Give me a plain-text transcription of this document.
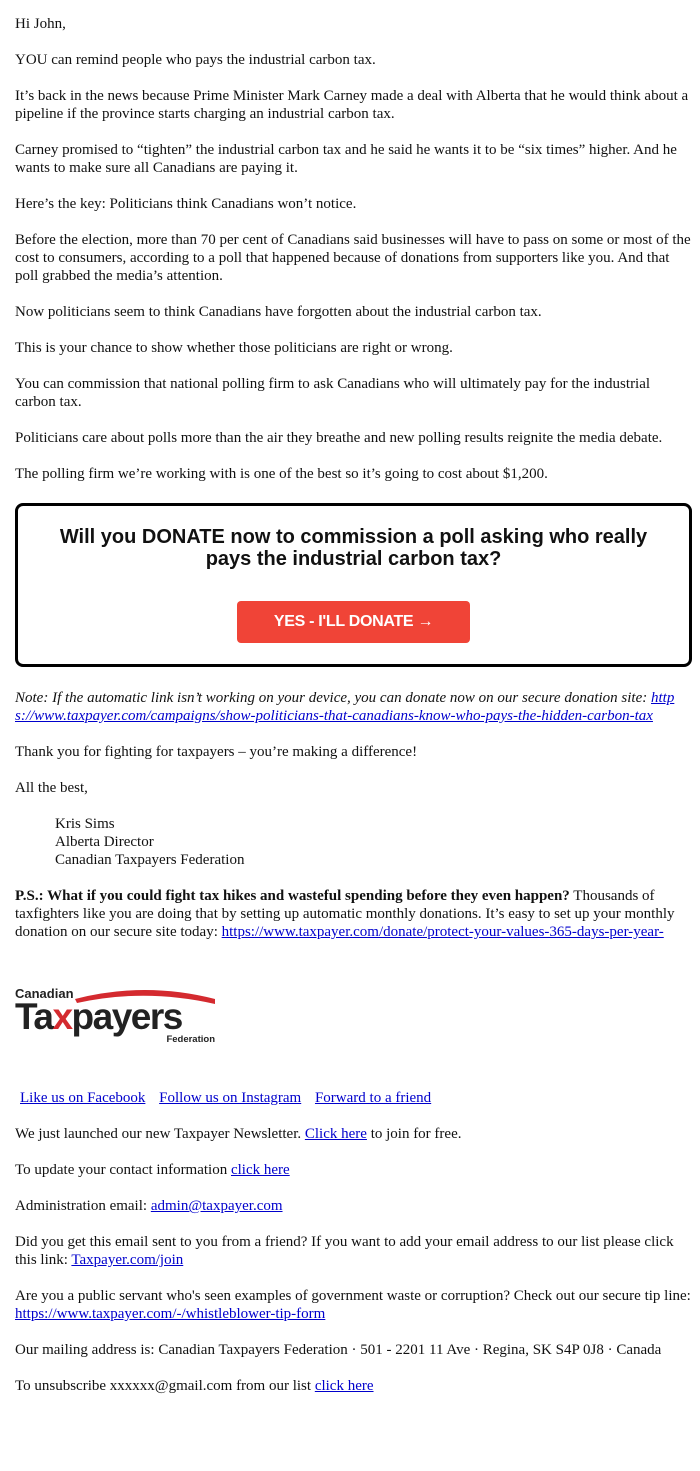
Hi John,

YOU can remind people who pays the industrial carbon tax.

It’s back in the news because Prime Minister Mark Carney made a deal with Alberta that he would think about a pipeline if the province starts charging an industrial carbon tax.

Carney promised to “tighten” the industrial carbon tax and he said he wants it to be “six times” higher. And he wants to make sure all Canadians are paying it.

Here’s the key: Politicians think Canadians won’t notice.

Before the election, more than 70 per cent of Canadians said businesses will have to pass on some or most of the cost to consumers, according to a poll that happened because of donations from supporters like you. And that poll grabbed the media’s attention.

Now politicians seem to think Canadians have forgotten about the industrial carbon tax.

This is your chance to show whether those politicians are right or wrong.

You can commission that national polling firm to ask Canadians who will ultimately pay for the industrial carbon tax.

Politicians care about polls more than the air they breathe and new polling results reignite the media debate.

The polling firm we’re working with is one of the best so it’s going to cost about $1,200.

Will you DONATE now to commission a poll asking who really pays the industrial carbon tax?
YES - I'LL DONATE →

Note: If the automatic link isn’t working on your device, you can donate now on our secure donation site: https://www.taxpayer.com/campaigns/show-politicians-that-canadians-know-who-pays-the-hidden-carbon-tax

Thank you for fighting for taxpayers – you’re making a difference!

All the best,

Kris Sims
Alberta Director
Canadian Taxpayers Federation

P.S.: What if you could fight tax hikes and wasteful spending before they even happen? Thousands of taxfighters like you are doing that by setting up automatic monthly donations. It’s easy to set up your monthly donation on our secure site today: https://www.taxpayer.com/donate/protect-your-values-365-days-per-year-

Canadian
Taxpayers
Federation

Like us on Facebook Follow us on Instagram Forward to a friend

We just launched our new Taxpayer Newsletter. Click here to join for free.

To update your contact information click here

Administration email: admin@taxpayer.com

Did you get this email sent to you from a friend? If you want to add your email address to our list please click this link: Taxpayer.com/join

Are you a public servant who's seen examples of government waste or corruption? Check out our secure tip line: https://www.taxpayer.com/-/whistleblower-tip-form

Our mailing address is: Canadian Taxpayers Federation · 501 - 2201 11 Ave · Regina, SK S4P 0J8 · Canada

To unsubscribe xxxxxx@gmail.com from our list click here
